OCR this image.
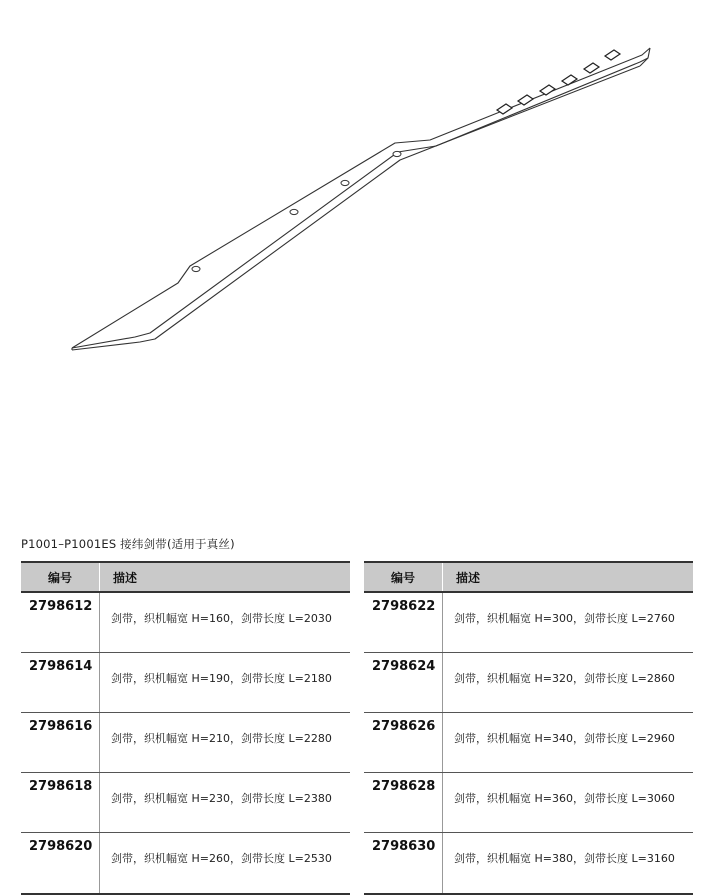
P1001–P1001ES 接纬剑带(适用于真丝)
编号	描述
2798612	剑带，织机幅宽 H=160，剑带长度 L=2030
2798614	剑带，织机幅宽 H=190，剑带长度 L=2180
2798616	剑带，织机幅宽 H=210，剑带长度 L=2280
2798618	剑带，织机幅宽 H=230，剑带长度 L=2380
2798620	剑带，织机幅宽 H=260，剑带长度 L=2530
编号	描述
2798622	剑带，织机幅宽 H=300，剑带长度 L=2760
2798624	剑带，织机幅宽 H=320，剑带长度 L=2860
2798626	剑带，织机幅宽 H=340，剑带长度 L=2960
2798628	剑带，织机幅宽 H=360，剑带长度 L=3060
2798630	剑带，织机幅宽 H=380，剑带长度 L=3160
